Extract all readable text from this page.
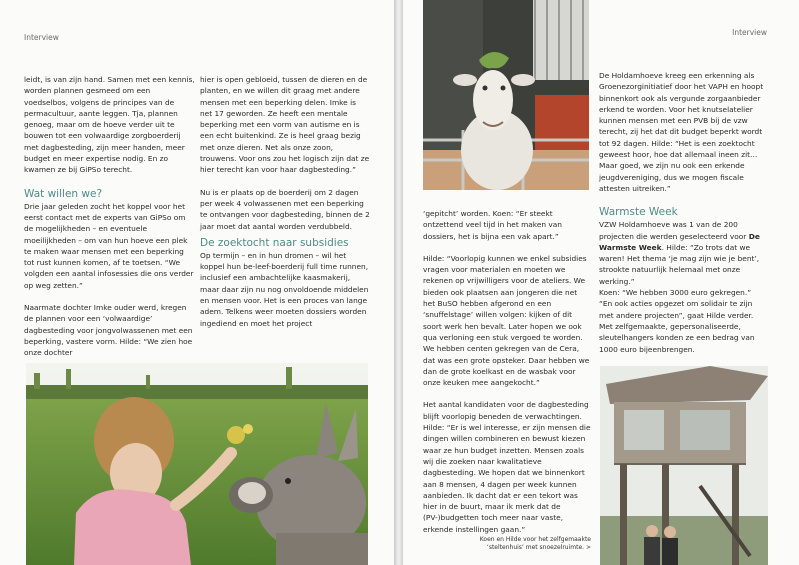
Interview

leidt, is van zijn hand. Samen met een kennis, worden plannen gesmeed om een voedselbos, volgens de principes van de permacultuur, aante leggen. Tja, plannen genoeg, maar om de hoeve verder uit te bouwen tot een volwaardige zorgboerderij met dagbesteding, zijn meer handen, meer budget en meer expertise nodig. En zo kwamen ze bij GiPSo terecht.

Wat willen we?

Drie jaar geleden zocht het koppel voor het eerst contact met de experts van GiPSo om de mogelijkheden – en eventuele moeilijkheden – om van hun hoeve een plek te maken waar mensen met een beperking tot rust kunnen komen, af te toetsen. “We volgden een aantal infosessies die ons verder op weg zetten.”

Naarmate dochter Imke ouder werd, kregen de plannen voor een ‘volwaardige’ dagbesteding voor jongvolwassenen met een beperking, vastere vorm. Hilde: “We zien hoe onze dochter

hier is open gebloeid, tussen de dieren en de planten, en we willen dit graag met andere mensen met een beperking delen. Imke is net 17 geworden. Ze heeft een mentale beperking met een vorm van autisme en is een echt buitenkind. Ze is heel graag bezig met onze dieren. Net als onze zoon, trouwens. Voor ons zou het logisch zijn dat ze hier terecht kan voor haar dagbesteding.”

Nu is er plaats op de boerderij om 2 dagen per week 4 volwassenen met een beperking te ontvangen voor dagbesteding, binnen de 2 jaar moet dat aantal worden verdubbeld.

De zoektocht naar subsidies

Op termijn – en in hun dromen – wil het koppel hun be-leef-boerderij full time runnen, inclusief een ambachtelijke kaasmakerij, maar daar zijn nu nog onvoldoende middelen en mensen voor. Het is een proces van lange adem. Telkens weer moeten dossiers worden ingediend en moet het project

Interview

‘gepitcht’ worden. Koen: “Er steekt ontzettend veel tijd in het maken van dossiers, het is bijna een vak apart.”

Hilde: “Voorlopig kunnen we enkel subsidies vragen voor materialen en moeten we rekenen op vrijwilligers voor de ateliers. We bieden ook plaatsen aan jongeren die net het BuSO hebben afgerond en een ‘snuffelstage’ willen volgen: kijken of dit soort werk hen bevalt. Later hopen we ook qua verloning een stuk vergoed te worden. We hebben centen gekregen van de Cera, dat was een grote opsteker. Daar hebben we dan de grote koelkast en de wasbak voor onze keuken mee aangekocht.”

Het aantal kandidaten voor de dagbesteding blijft voorlopig beneden de verwachtingen. Hilde: “Er is wel interesse, er zijn mensen die dingen willen combineren en bewust kiezen waar ze hun budget inzetten. Mensen zoals wij die zoeken naar kwalitatieve dagbesteding. We hopen dat we binnenkort aan 8 mensen, 4 dagen per week kunnen aanbieden. Ik dacht dat er een tekort was hier in de buurt, maar ik merk dat de (PV-)budgetten toch meer naar vaste, erkende instellingen gaan.”

De Holdamhoeve kreeg een erkenning als Groenezorginitiatief door het VAPH en hoopt binnenkort ook als vergunde zorgaanbieder erkend te worden. Voor het knutselatelier kunnen mensen met een PVB bij de vzw terecht, zij het dat dit budget beperkt wordt tot 92 dagen. Hilde: “Het is een zoektocht geweest hoor, hoe dat allemaal ineen zit… Maar goed, we zijn nu ook een erkende jeugdvereniging, dus we mogen fiscale attesten uitreiken.”

Warmste Week

VZW Holdamhoeve was 1 van de 200 projecten die werden geselecteerd voor De Warmste Week. Hilde: “Zo trots dat we waren! Het thema ‘je mag zijn wie je bent’, strookte natuurlijk helemaal met onze werking.”

Koen: “We hebben 3000 euro gekregen.”

“En ook acties opgezet om solidair te zijn met andere projecten”, gaat Hilde verder.

Met zelfgemaakte, gepersonaliseerde, sleutelhangers konden ze een bedrag van 1000 euro bijeenbrengen.

Koen en Hilde voor het zelfgemaakte
‘steltenhuis’ met snoezelruimte. >
